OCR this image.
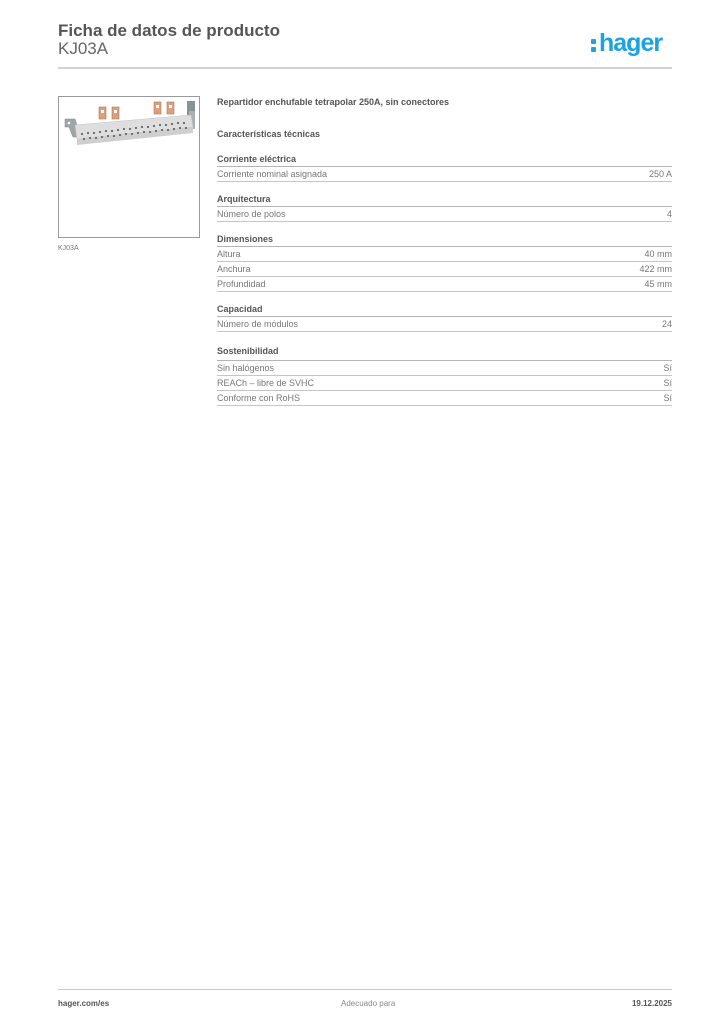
Ficha de datos de producto
KJ03A	hager
KJ03A
Repartidor enchufable tetrapolar 250A, sin conectores
Características técnicas
Corriente eléctrica
Corriente nominal asignada	250 A
Arquitectura
Número de polos	4
Dimensiones
Altura	40 mm
Anchura	422 mm
Profundidad	45 mm
Capacidad
Número de módulos	24
Sostenibilidad
Sin halógenos	Sí
REACh – libre de SVHC	Sí
Conforme con RoHS	Sí
hager.com/es	Adecuado para	19.12.2025
